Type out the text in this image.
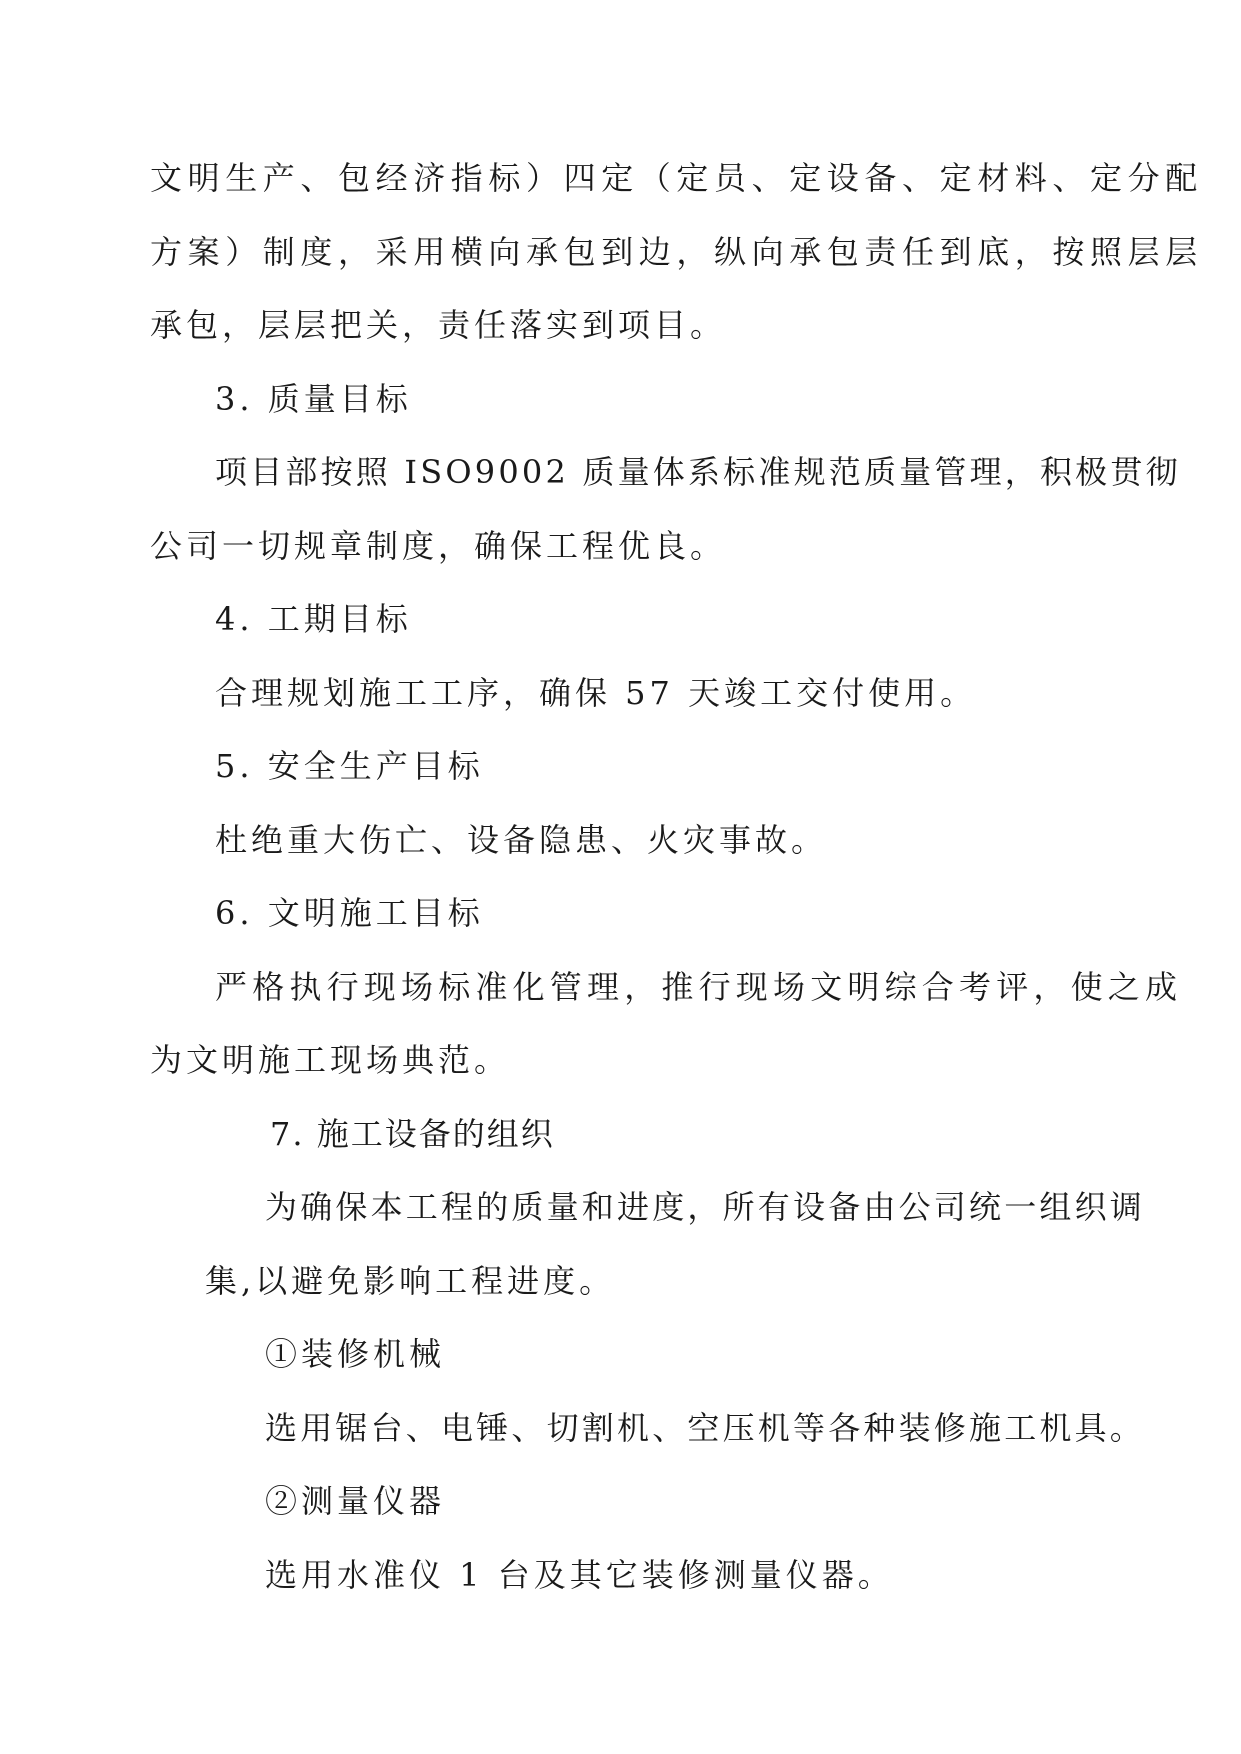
文明生产、包经济指标）四定（定员、定设备、定材料、定分配
方案）制度，采用横向承包到边，纵向承包责任到底，按照层层
承包，层层把关，责任落实到项目。
3. 质量目标
项目部按照 ISO9002 质量体系标准规范质量管理，积极贯彻
公司一切规章制度，确保工程优良。
4. 工期目标
合理规划施工工序，确保 57 天竣工交付使用。
5. 安全生产目标
杜绝重大伤亡、设备隐患、火灾事故。
6. 文明施工目标
严格执行现场标准化管理，推行现场文明综合考评，使之成
为文明施工现场典范。
7. 施工设备的组织
为确保本工程的质量和进度，所有设备由公司统一组织调
集,以避免影响工程进度。
①装修机械
选用锯台、电锤、切割机、空压机等各种装修施工机具。
②测量仪器
选用水准仪 1 台及其它装修测量仪器。
